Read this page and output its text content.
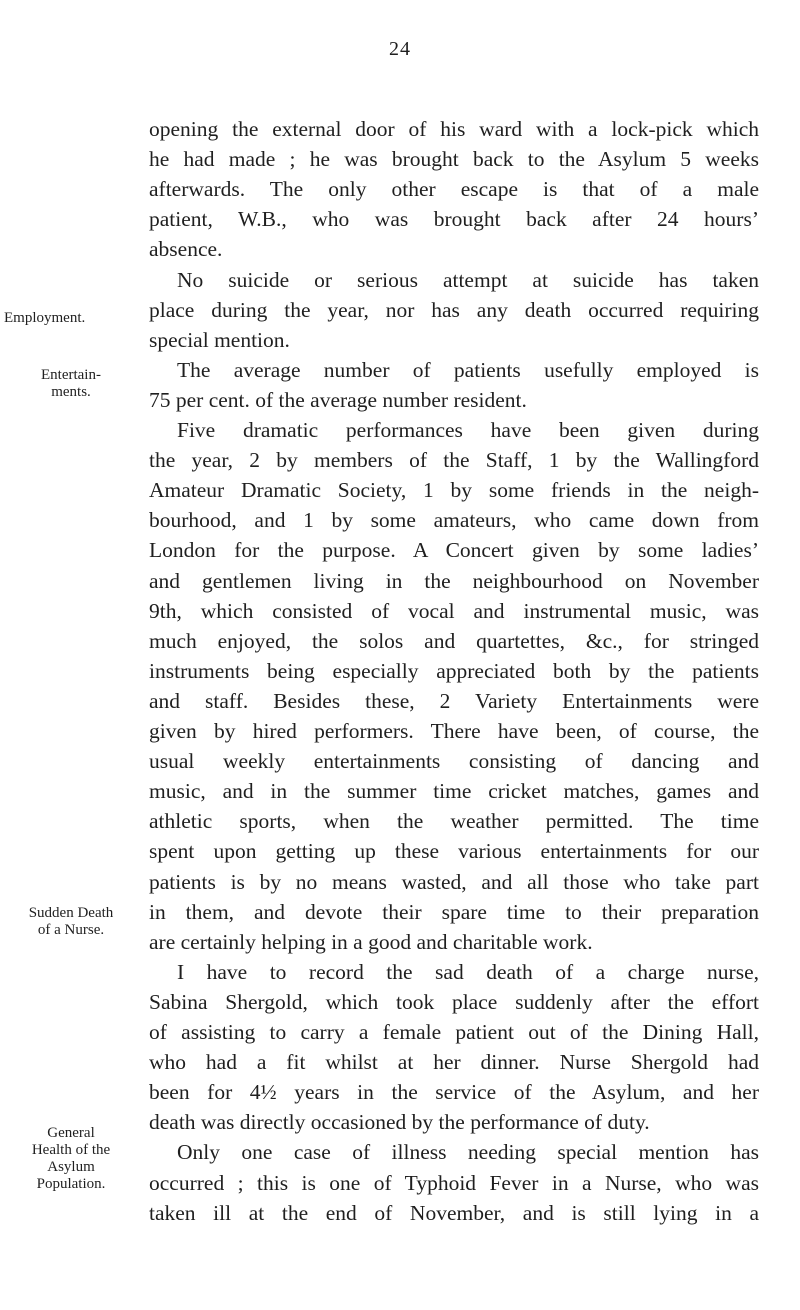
24
Employment.
Entertain-
ments.
Sudden Death
of a Nurse.
General
Health of the
Asylum
Population.
opening the external door of his ward with a lock-pick which
he had made ; he was brought back to the Asylum 5 weeks
afterwards. The only other escape is that of a male
patient, W.B., who was brought back after 24 hours’
absence.
No suicide or serious attempt at suicide has taken
place during the year, nor has any death occurred requiring
special mention.
The average number of patients usefully employed is
75 per cent. of the average number resident.
Five dramatic performances have been given during
the year, 2 by members of the Staff, 1 by the Wallingford
Amateur Dramatic Society, 1 by some friends in the neigh-
bourhood, and 1 by some amateurs, who came down from
London for the purpose. A Concert given by some ladies’
and gentlemen living in the neighbourhood on November
9th, which consisted of vocal and instrumental music, was
much enjoyed, the solos and quartettes, &c., for stringed
instruments being especially appreciated both by the patients
and staff. Besides these, 2 Variety Entertainments were
given by hired performers. There have been, of course, the
usual weekly entertainments consisting of dancing and
music, and in the summer time cricket matches, games and
athletic sports, when the weather permitted. The time
spent upon getting up these various entertainments for our
patients is by no means wasted, and all those who take part
in them, and devote their spare time to their preparation
are certainly helping in a good and charitable work.
I have to record the sad death of a charge nurse,
Sabina Shergold, which took place suddenly after the effort
of assisting to carry a female patient out of the Dining Hall,
who had a fit whilst at her dinner. Nurse Shergold had
been for 4½ years in the service of the Asylum, and her
death was directly occasioned by the performance of duty.
Only one case of illness needing special mention has
occurred ; this is one of Typhoid Fever in a Nurse, who was
taken ill at the end of November, and is still lying in a
